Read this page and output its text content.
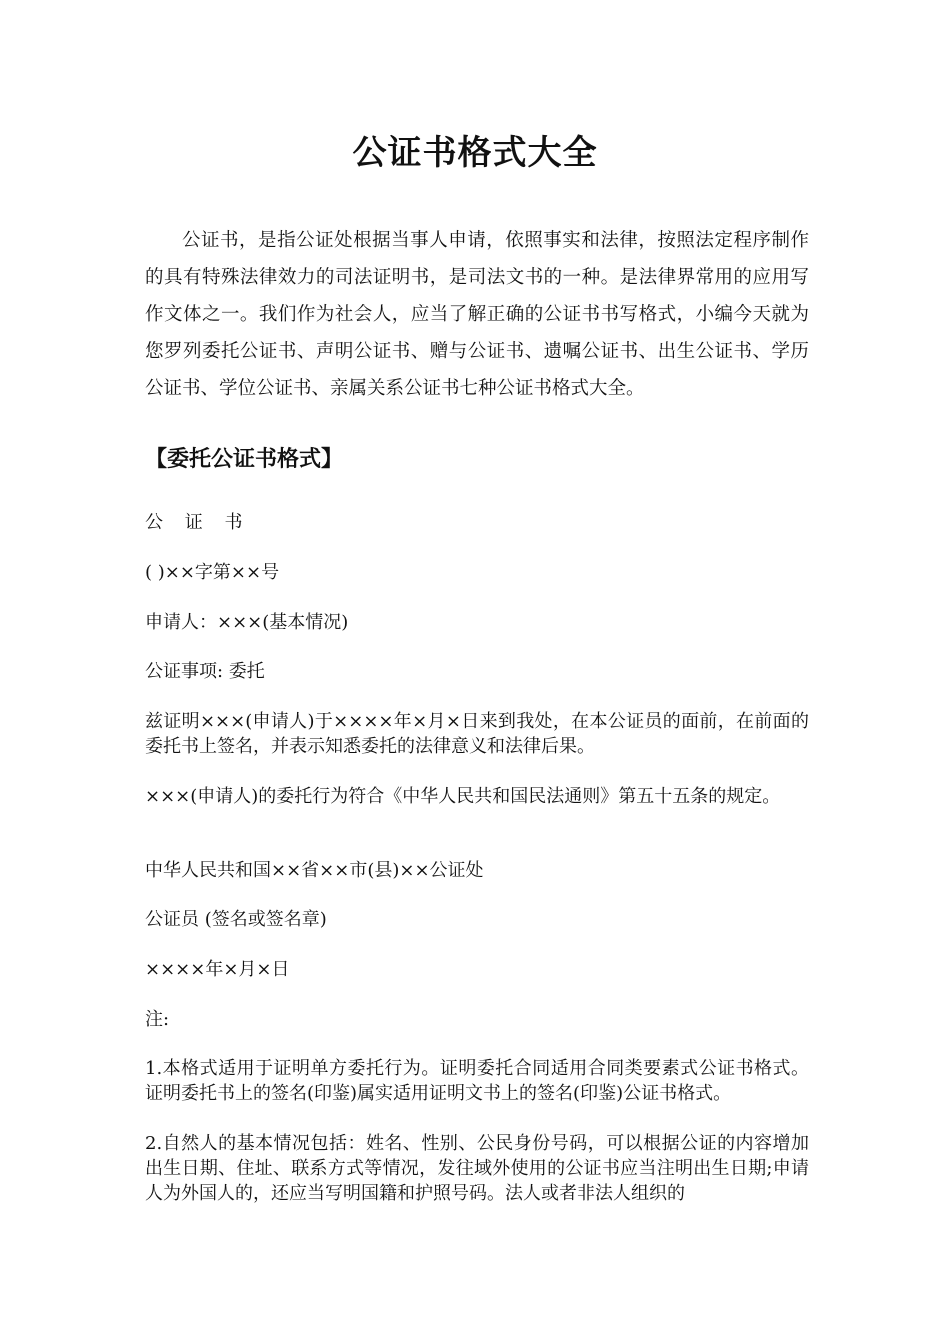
公证书格式大全

公证书，是指公证处根据当事人申请，依照事实和法律，按照法定程序制作的具有特殊法律效力的司法证明书，是司法文书的一种。是法律界常用的应用写作文体之一。我们作为社会人，应当了解正确的公证书书写格式，小编今天就为您罗列委托公证书、声明公证书、赠与公证书、遗嘱公证书、出生公证书、学历公证书、学位公证书、亲属关系公证书七种公证书格式大全。

【委托公证书格式】

公 证 书

( )××字第××号

申请人：×××(基本情况)

公证事项: 委托

兹证明×××(申请人)于××××年×月×日来到我处，在本公证员的面前，在前面的委托书上签名，并表示知悉委托的法律意义和法律后果。

×××(申请人)的委托行为符合《中华人民共和国民法通则》第五十五条的规定。

中华人民共和国××省××市(县)××公证处

公证员 (签名或签名章)

××××年×月×日

注:

1.本格式适用于证明单方委托行为。证明委托合同适用合同类要素式公证书格式。证明委托书上的签名(印鉴)属实适用证明文书上的签名(印鉴)公证书格式。

2.自然人的基本情况包括：姓名、性别、公民身份号码，可以根据公证的内容增加出生日期、住址、联系方式等情况，发往域外使用的公证书应当注明出生日期;申请人为外国人的，还应当写明国籍和护照号码。法人或者非法人组织的
